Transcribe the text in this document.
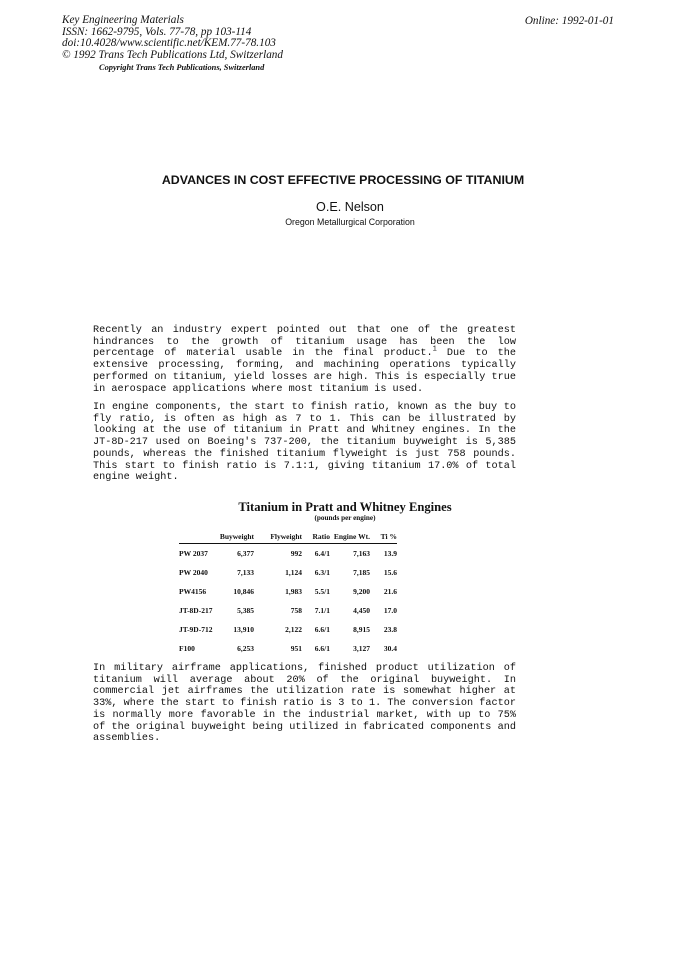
Key Engineering Materials
ISSN: 1662-9795, Vols. 77-78, pp 103-114
doi:10.4028/www.scientific.net/KEM.77-78.103
© 1992 Trans Tech Publications Ltd, Switzerland
Copyright Trans Tech Publications, Switzerland
Online: 1992-01-01
ADVANCES IN COST EFFECTIVE PROCESSING OF TITANIUM
O.E. Nelson
Oregon Metallurgical Corporation
Recently an industry expert pointed out that one of the greatest hindrances to the growth of titanium usage has been the low percentage of material usable in the final product.$^1$ Due to the extensive processing, forming, and machining operations typically performed on titanium, yield losses are high. This is especially true in aerospace applications where most titanium is used.
In engine components, the start to finish ratio, known as the buy to fly ratio, is often as high as 7 to 1. This can be illustrated by looking at the use of titanium in Pratt and Whitney engines. In the JT-8D-217 used on Boeing's 737-200, the titanium buyweight is 5,385 pounds, whereas the finished titanium flyweight is just 758 pounds. This start to finish ratio is 7.1:1, giving titanium 17.0% of total engine weight.
Titanium in Pratt and Whitney Engines
(pounds per engine)
	Buyweight	Flyweight	Ratio	Engine Wt.	Ti %
PW 2037	6,377	992	6.4/1	7,163	13.9
PW 2040	7,133	1,124	6.3/1	7,185	15.6
PW4156	10,846	1,983	5.5/1	9,200	21.6
JT-8D-217	5,385	758	7.1/1	4,450	17.0
JT-9D-712	13,910	2,122	6.6/1	8,915	23.8
F100	6,253	951	6.6/1	3,127	30.4
In military airframe applications, finished product utilization of titanium will average about 20% of the original buyweight. In commercial jet airframes the utilization rate is somewhat higher at 33%, where the start to finish ratio is 3 to 1. The conversion factor is normally more favorable in the industrial market, with up to 75% of the original buyweight being utilized in fabricated components and assemblies.
